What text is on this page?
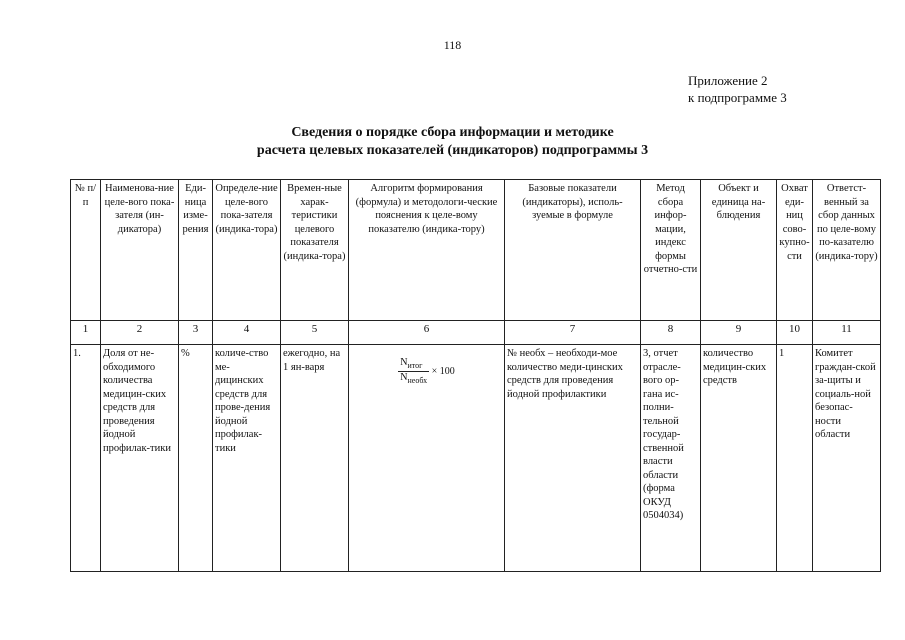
118
Приложение 2
к подпрограмме 3
Сведения о порядке сбора информации и методике
расчета целевых показателей (индикаторов) подпрограммы 3
№ п/п	Наименова-ние целе-вого пока-зателя (ин-дикатора)	Еди-ница изме-рения	Определе-ние целе-вого пока-зателя (индика-тора)	Времен-ные харак-теристики целевого показателя (индика-тора)	Алгоритм формирования (формула) и методологи-ческие пояснения к целе-вому показателю (индика-тору)	Базовые показатели (индикаторы), исполь-зуемые в формуле	Метод сбора инфор-мации, индекс формы отчетно-сти	Объект и единица на-блюдения	Охват еди-ниц сово-купно-сти	Ответст-венный за сбор данных по целе-вому по-казателю (индика-тору)
1	2	3	4	5	6	7	8	9	10	11
1.	Доля от не-обходимого количества медицин-ских средств для проведения йодной профилак-тики	%	количе-ство ме-дицинских средств для прове-дения йодной профилак-тики	ежегодно, на 1 ян-варя	$\frac{N_{итог}}{N_{необх}} \times 100$	№ необх – необходи-мое количество меди-цинских средств для проведения йодной профилактики	3, отчет отрасле-вого ор-гана ис-полни-тельной государ-ственной власти области (форма ОКУД 0504034)	количество медицин-ских средств	1	Комитет граждан-ской за-щиты и социаль-ной безопас-ности области
